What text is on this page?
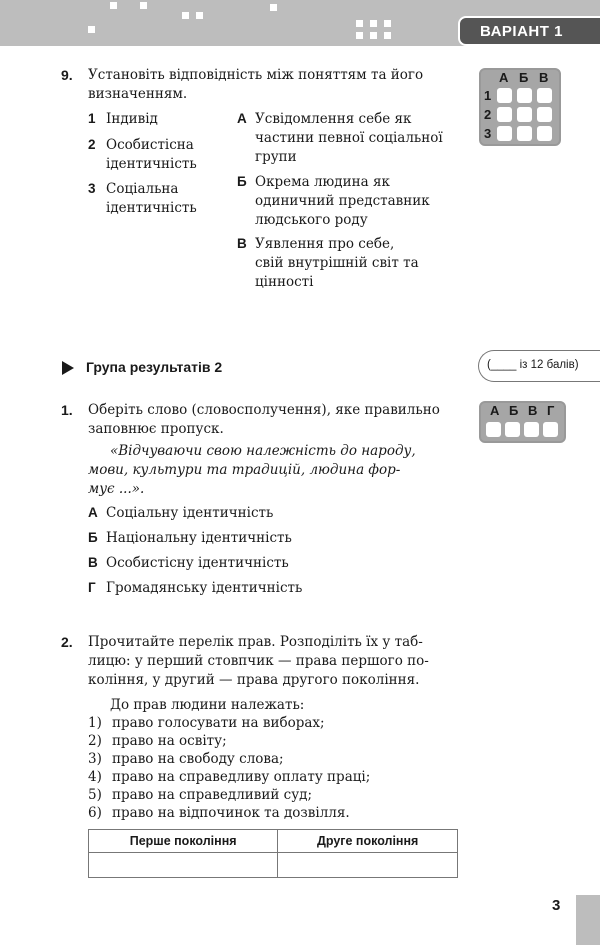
ВАРІАНТ 1
9. Установіть відповідність між поняттям та його
визначенням.
1 Індивід
2 Особистісна
ідентичність
3 Соціальна
ідентичність
А Усвідомлення себе як
частини певної соціальної
групи
Б Окрема людина як
одиничний представник
людського роду
В Уявлення про себе,
свій внутрішній світ та
цінності
А Б В
1
2
3
Група результатів 2	(____ із 12 балів)
1. Оберіть слово (словосполучення), яке правильно
заповнює пропуск.
«Відчуваючи свою належність до народу,
мови, культури та традицій, людина фор-
мує ...».
А Соціальну ідентичність
Б Національну ідентичність
В Особистісну ідентичність
Г Громадянську ідентичність
А Б В Г
2. Прочитайте перелік прав. Розподіліть їх у таб-
лицю: у перший стовпчик — права першого по-
коління, у другий — права другого покоління.
До прав людини належать:
1) право голосувати на виборах;
2) право на освіту;
3) право на свободу слова;
4) право на справедливу оплату праці;
5) право на справедливий суд;
6) право на відпочинок та дозвілля.
Перше покоління	Друге покоління

3
